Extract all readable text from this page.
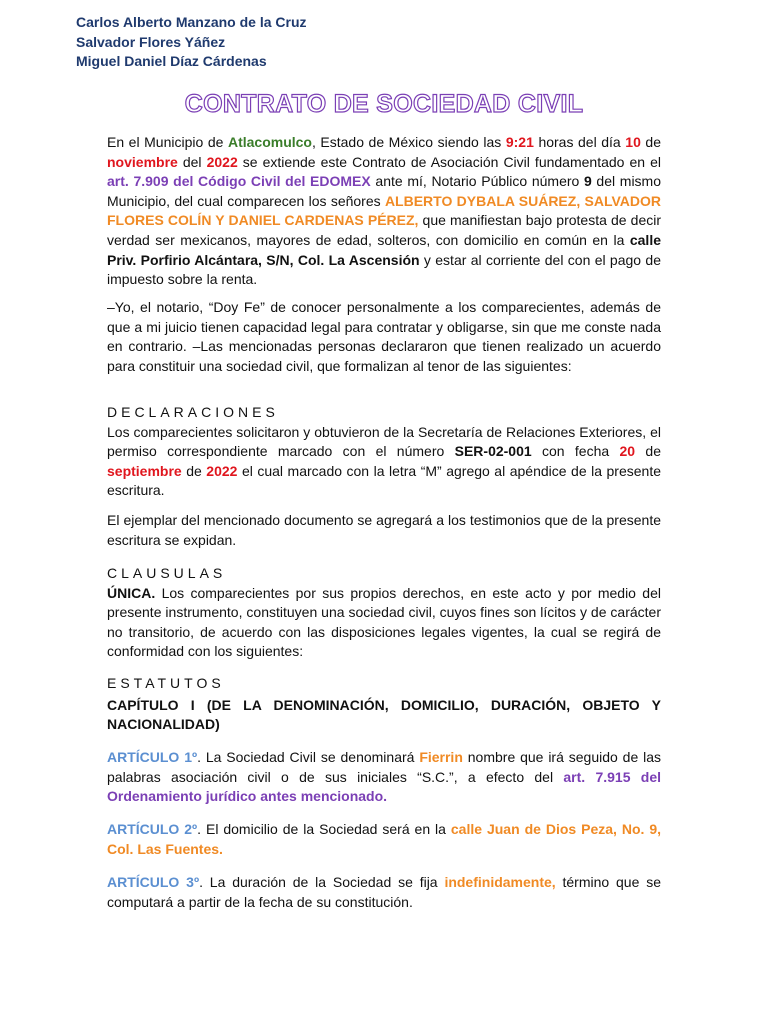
Carlos Alberto Manzano de la Cruz
Salvador Flores Yáñez
Miguel Daniel Díaz Cárdenas
CONTRATO DE SOCIEDAD CIVIL

En el Municipio de Atlacomulco, Estado de México siendo las 9:21 horas del día 10 de noviembre del 2022 se extiende este Contrato de Asociación Civil fundamentado en el art. 7.909 del Código Civil del EDOMEX ante mí, Notario Público número 9 del mismo Municipio, del cual comparecen los señores ALBERTO DYBALA SUÁREZ, SALVADOR FLORES COLÍN Y DANIEL CARDENAS PÉREZ, que manifiestan bajo protesta de decir verdad ser mexicanos, mayores de edad, solteros, con domicilio en común en la calle Priv. Porfirio Alcántara, S/N, Col. La Ascensión y estar al corriente del con el pago de impuesto sobre la renta.

–Yo, el notario, “Doy Fe” de conocer personalmente a los comparecientes, además de que a mi juicio tienen capacidad legal para contratar y obligarse, sin que me conste nada en contrario. –Las mencionadas personas declararon que tienen realizado un acuerdo para constituir una sociedad civil, que formalizan al tenor de las siguientes:

DECLARACIONES

Los comparecientes solicitaron y obtuvieron de la Secretaría de Relaciones Exteriores, el permiso correspondiente marcado con el número SER-02-001 con fecha 20 de septiembre de 2022 el cual marcado con la letra “M” agrego al apéndice de la presente escritura.

El ejemplar del mencionado documento se agregará a los testimonios que de la presente escritura se expidan.

CLAUSULAS

ÚNICA. Los comparecientes por sus propios derechos, en este acto y por medio del presente instrumento, constituyen una sociedad civil, cuyos fines son lícitos y de carácter no transitorio, de acuerdo con las disposiciones legales vigentes, la cual se regirá de conformidad con los siguientes:

ESTATUTOS

CAPÍTULO I (DE LA DENOMINACIÓN, DOMICILIO, DURACIÓN, OBJETO Y NACIONALIDAD)

ARTÍCULO 1º. La Sociedad Civil se denominará Fierrin nombre que irá seguido de las palabras asociación civil o de sus iniciales “S.C.”, a efecto del art. 7.915 del Ordenamiento jurídico antes mencionado.

ARTÍCULO 2º. El domicilio de la Sociedad será en la calle Juan de Dios Peza, No. 9, Col. Las Fuentes.

ARTÍCULO 3º. La duración de la Sociedad se fija indefinidamente, término que se computará a partir de la fecha de su constitución.
